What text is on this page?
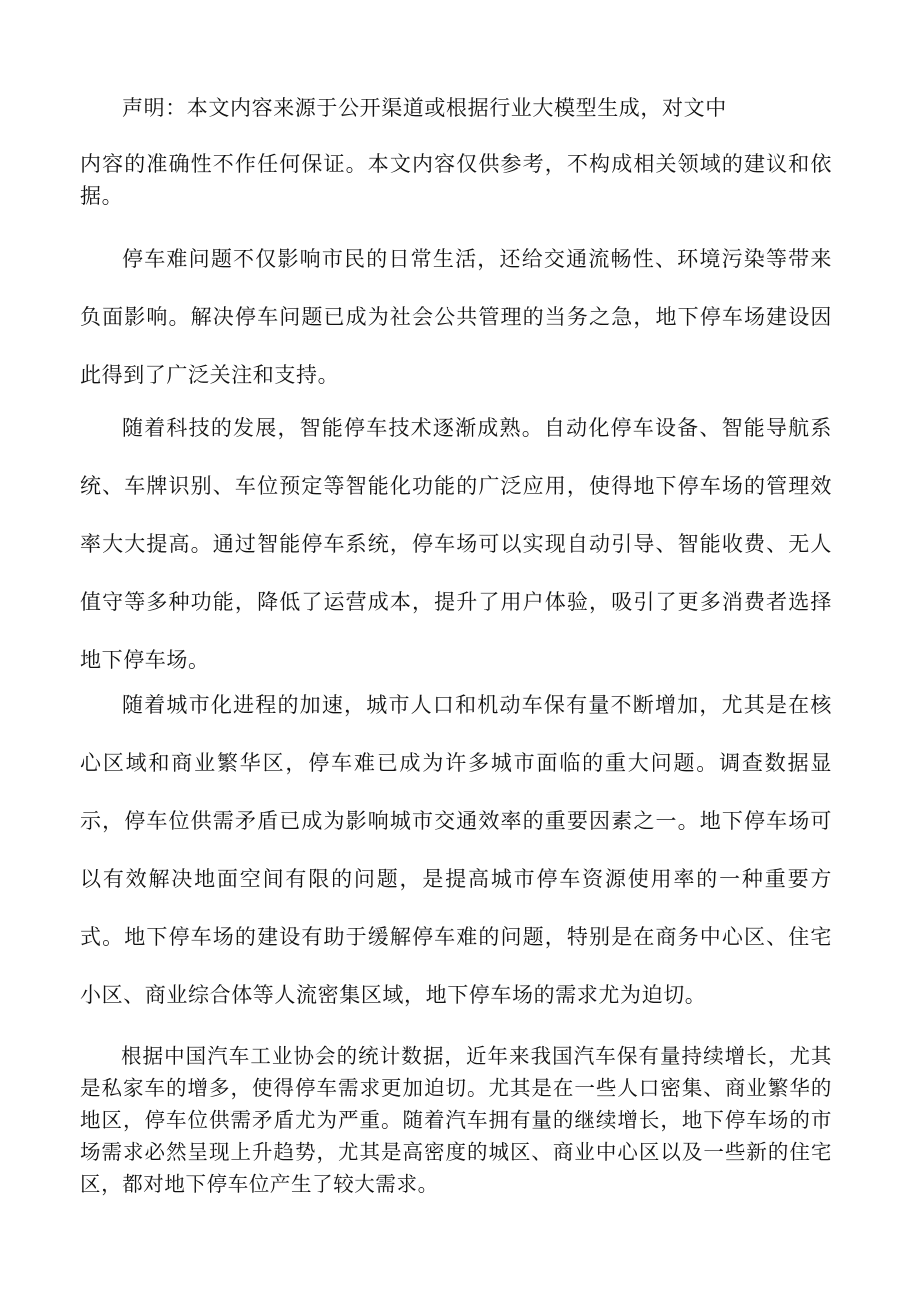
声明：本文内容来源于公开渠道或根据行业大模型生成，对文中

内容的准确性不作任何保证。本文内容仅供参考，不构成相关领域的建议和依据。

停车难问题不仅影响市民的日常生活，还给交通流畅性、环境污染等带来负面影响。解决停车问题已成为社会公共管理的当务之急，地下停车场建设因此得到了广泛关注和支持。

随着科技的发展，智能停车技术逐渐成熟。自动化停车设备、智能导航系统、车牌识别、车位预定等智能化功能的广泛应用，使得地下停车场的管理效率大大提高。通过智能停车系统，停车场可以实现自动引导、智能收费、无人值守等多种功能，降低了运营成本，提升了用户体验，吸引了更多消费者选择地下停车场。

随着城市化进程的加速，城市人口和机动车保有量不断增加，尤其是在核心区域和商业繁华区，停车难已成为许多城市面临的重大问题。调查数据显示，停车位供需矛盾已成为影响城市交通效率的重要因素之一。地下停车场可以有效解决地面空间有限的问题，是提高城市停车资源使用率的一种重要方式。地下停车场的建设有助于缓解停车难的问题，特别是在商务中心区、住宅小区、商业综合体等人流密集区域，地下停车场的需求尤为迫切。

根据中国汽车工业协会的统计数据，近年来我国汽车保有量持续增长，尤其是私家车的增多，使得停车需求更加迫切。尤其是在一些人口密集、商业繁华的地区，停车位供需矛盾尤为严重。随着汽车拥有量的继续增长，地下停车场的市场需求必然呈现上升趋势，尤其是高密度的城区、商业中心区以及一些新的住宅区，都对地下停车位产生了较大需求。
